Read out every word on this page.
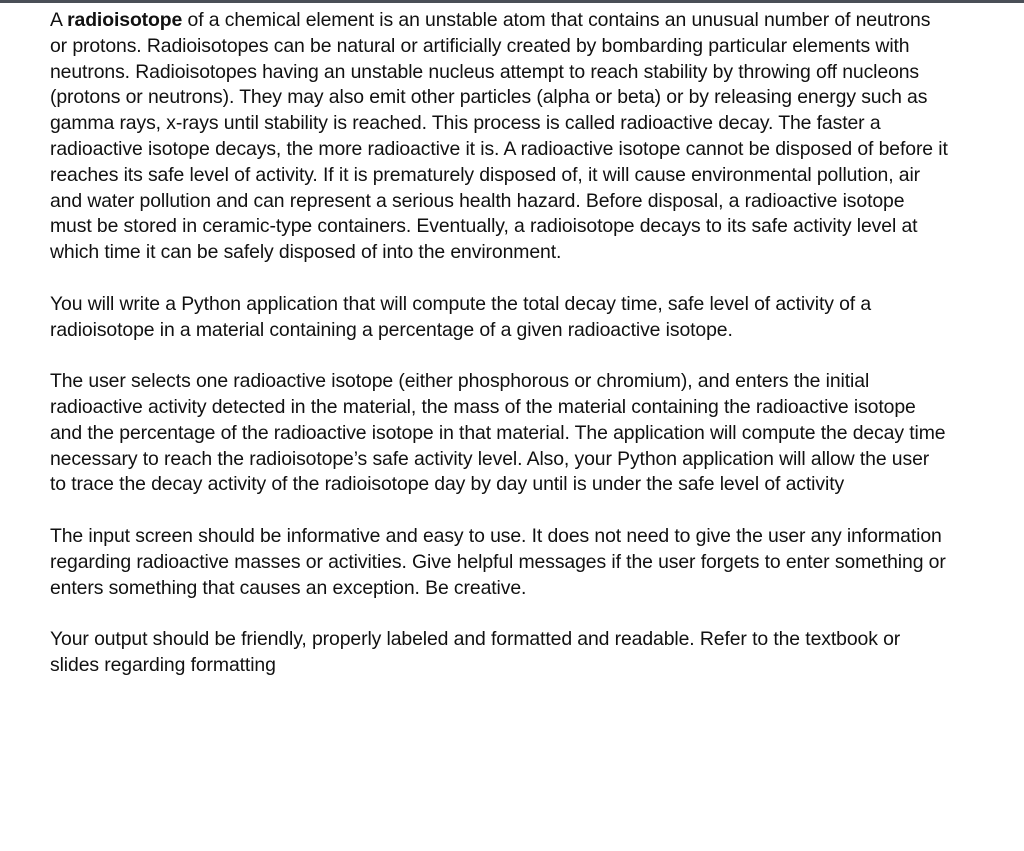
A radioisotope of a chemical element is an unstable atom that contains an unusual number of neutrons or protons. Radioisotopes can be natural or artificially created by bombarding particular elements with neutrons. Radioisotopes having an unstable nucleus attempt to reach stability by throwing off nucleons (protons or neutrons). They may also emit other particles (alpha or beta) or by releasing energy such as gamma rays, x-rays until stability is reached. This process is called radioactive decay. The faster a radioactive isotope decays, the more radioactive it is. A radioactive isotope cannot be disposed of before it reaches its safe level of activity. If it is prematurely disposed of, it will cause environmental pollution, air and water pollution and can represent a serious health hazard. Before disposal, a radioactive isotope must be stored in ceramic-type containers. Eventually, a radioisotope decays to its safe activity level at which time it can be safely disposed of into the environment.

You will write a Python application that will compute the total decay time, safe level of activity of a radioisotope in a material containing a percentage of a given radioactive isotope.

The user selects one radioactive isotope (either phosphorous or chromium), and enters the initial radioactive activity detected in the material, the mass of the material containing the radioactive isotope and the percentage of the radioactive isotope in that material. The application will compute the decay time necessary to reach the radioisotope’s safe activity level. Also, your Python application will allow the user to trace the decay activity of the radioisotope day by day until is under the safe level of activity

The input screen should be informative and easy to use. It does not need to give the user any information regarding radioactive masses or activities. Give helpful messages if the user forgets to enter something or enters something that causes an exception. Be creative.

Your output should be friendly, properly labeled and formatted and readable. Refer to the textbook or slides regarding formatting
